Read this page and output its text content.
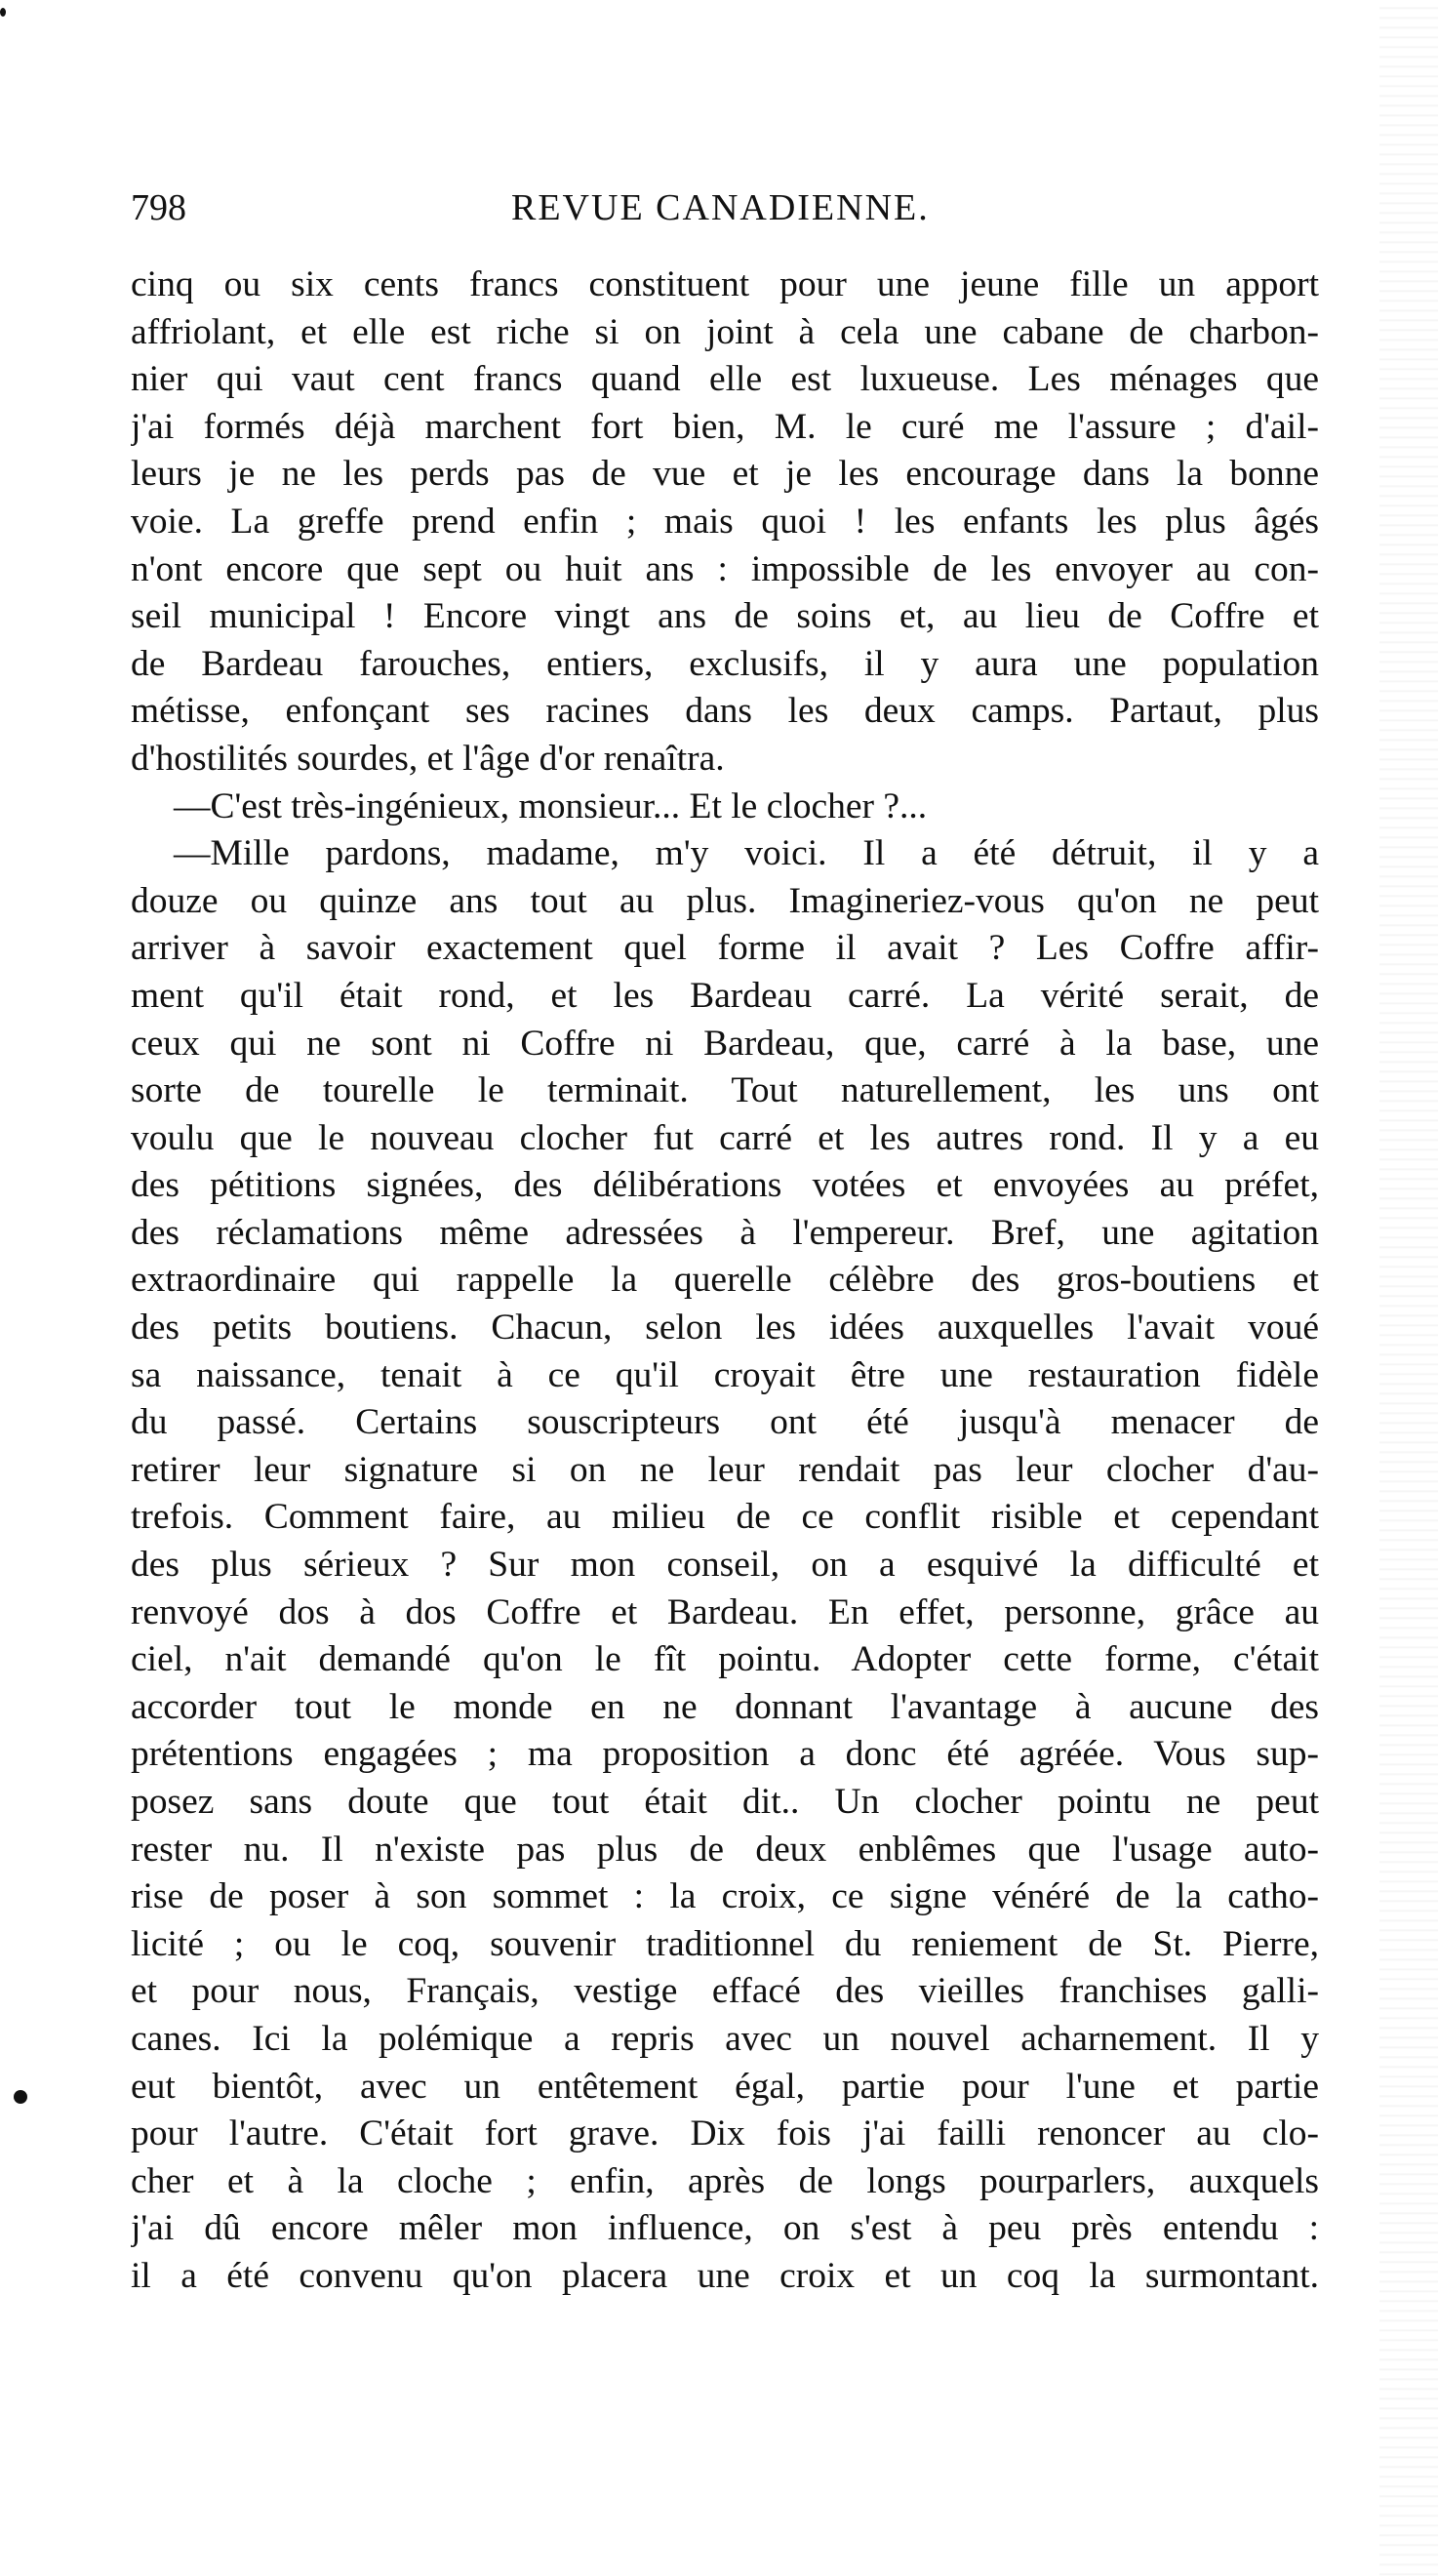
798	REVUE CANADIENNE.
cinq ou six cents francs constituent pour une jeune fille un apport
affriolant, et elle est riche si on joint à cela une cabane de charbon-
nier qui vaut cent francs quand elle est luxueuse. Les ménages que
j'ai formés déjà marchent fort bien, M. le curé me l'assure ; d'ail-
leurs je ne les perds pas de vue et je les encourage dans la bonne
voie. La greffe prend enfin ; mais quoi ! les enfants les plus âgés
n'ont encore que sept ou huit ans : impossible de les envoyer au con-
seil municipal ! Encore vingt ans de soins et, au lieu de Coffre et
de Bardeau farouches, entiers, exclusifs, il y aura une population
métisse, enfonçant ses racines dans les deux camps. Partaut, plus
d'hostilités sourdes, et l'âge d'or renaîtra.
—C'est très-ingénieux, monsieur... Et le clocher ?...
—Mille pardons, madame, m'y voici. Il a été détruit, il y a
douze ou quinze ans tout au plus. Imagineriez-vous qu'on ne peut
arriver à savoir exactement quel forme il avait ? Les Coffre affir-
ment qu'il était rond, et les Bardeau carré. La vérité serait, de
ceux qui ne sont ni Coffre ni Bardeau, que, carré à la base, une
sorte de tourelle le terminait. Tout naturellement, les uns ont
voulu que le nouveau clocher fut carré et les autres rond. Il y a eu
des pétitions signées, des délibérations votées et envoyées au préfet,
des réclamations même adressées à l'empereur. Bref, une agitation
extraordinaire qui rappelle la querelle célèbre des gros-boutiens et
des petits boutiens. Chacun, selon les idées auxquelles l'avait voué
sa naissance, tenait à ce qu'il croyait être une restauration fidèle
du passé. Certains souscripteurs ont été jusqu'à menacer de
retirer leur signature si on ne leur rendait pas leur clocher d'au-
trefois. Comment faire, au milieu de ce conflit risible et cependant
des plus sérieux ? Sur mon conseil, on a esquivé la difficulté et
renvoyé dos à dos Coffre et Bardeau. En effet, personne, grâce au
ciel, n'ait demandé qu'on le fît pointu. Adopter cette forme, c'était
accorder tout le monde en ne donnant l'avantage à aucune des
prétentions engagées ; ma proposition a donc été agréée. Vous sup-
posez sans doute que tout était dit.. Un clocher pointu ne peut
rester nu. Il n'existe pas plus de deux enblêmes que l'usage auto-
rise de poser à son sommet : la croix, ce signe vénéré de la catho-
licité ; ou le coq, souvenir traditionnel du reniement de St. Pierre,
et pour nous, Français, vestige effacé des vieilles franchises galli-
canes. Ici la polémique a repris avec un nouvel acharnement. Il y
eut bientôt, avec un entêtement égal, partie pour l'une et partie
pour l'autre. C'était fort grave. Dix fois j'ai failli renoncer au clo-
cher et à la cloche ; enfin, après de longs pourparlers, auxquels
j'ai dû encore mêler mon influence, on s'est à peu près entendu :
il a été convenu qu'on placera une croix et un coq la surmontant.
